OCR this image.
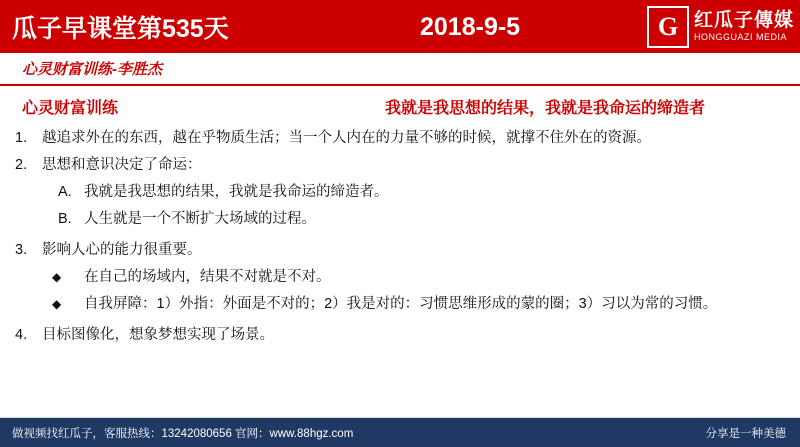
瓜子早课堂第535天	2018-9-5	G 红瓜子傳媒
HONGGUAZI MEDIA
心灵财富训练-李胜杰
心灵财富训练	我就是我思想的结果，我就是我命运的缔造者
1.	越追求外在的东西，越在乎物质生活；当一个人内在的力量不够的时候，就撑不住外在的资源。
2.	思想和意识决定了命运：
A. 我就是我思想的结果，我就是我命运的缔造者。
B. 人生就是一个不断扩大场域的过程。
3.	影响人心的能力很重要。
◆	在自己的场域内，结果不对就是不对。
◆	自我屏障：1）外指：外面是不对的；2）我是对的：习惯思维形成的蒙的圈；3）习以为常的习惯。
4.	目标图像化，想象梦想实现了场景。
做视频找红瓜子，客服热线：13242080656 官网：www.88hgz.com	分享是一种美德
